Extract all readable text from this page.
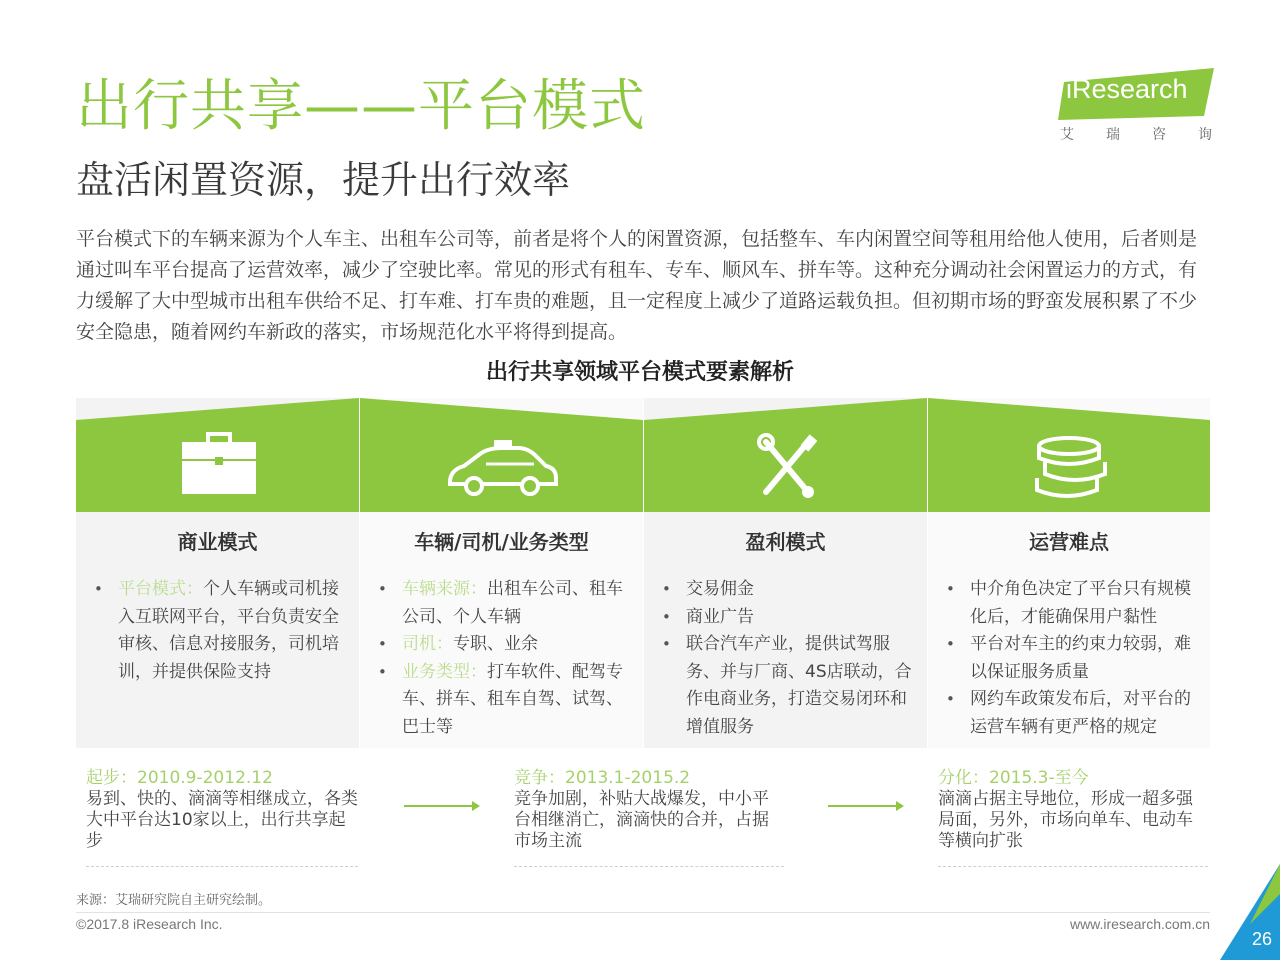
出行共享——平台模式
盘活闲置资源，提升出行效率
iResearch
艾 瑞 咨 询
平台模式下的车辆来源为个人车主、出租车公司等，前者是将个人的闲置资源，包括整车、车内闲置空间等租用给他人使用，后者则是通过叫车平台提高了运营效率，减少了空驶比率。常见的形式有租车、专车、顺风车、拼车等。这种充分调动社会闲置运力的方式，有力缓解了大中型城市出租车供给不足、打车难、打车贵的难题，且一定程度上减少了道路运载负担。但初期市场的野蛮发展积累了不少安全隐患，随着网约车新政的落实，市场规范化水平将得到提高。
出行共享领域平台模式要素解析
商业模式
• 平台模式：个人车辆或司机接入互联网平台，平台负责安全审核、信息对接服务，司机培训，并提供保险支持
车辆/司机/业务类型
• 车辆来源：出租车公司、租车公司、个人车辆
• 司机：专职、业余
• 业务类型：打车软件、配驾专车、拼车、租车自驾、试驾、巴士等
盈利模式
• 交易佣金
• 商业广告
• 联合汽车产业，提供试驾服务、并与厂商、4S店联动，合作电商业务，打造交易闭环和增值服务
运营难点
• 中介角色决定了平台只有规模化后，才能确保用户黏性
• 平台对车主的约束力较弱，难以保证服务质量
• 网约车政策发布后，对平台的运营车辆有更严格的规定
起步：2010.9-2012.12
易到、快的、滴滴等相继成立，各类大中平台达10家以上，出行共享起步
竞争：2013.1-2015.2
竞争加剧，补贴大战爆发，中小平台相继消亡，滴滴快的合并，占据市场主流
分化：2015.3-至今
滴滴占据主导地位，形成一超多强局面，另外，市场向单车、电动车等横向扩张
来源：艾瑞研究院自主研究绘制。
©2017.8 iResearch Inc.	www.iresearch.com.cn
26
